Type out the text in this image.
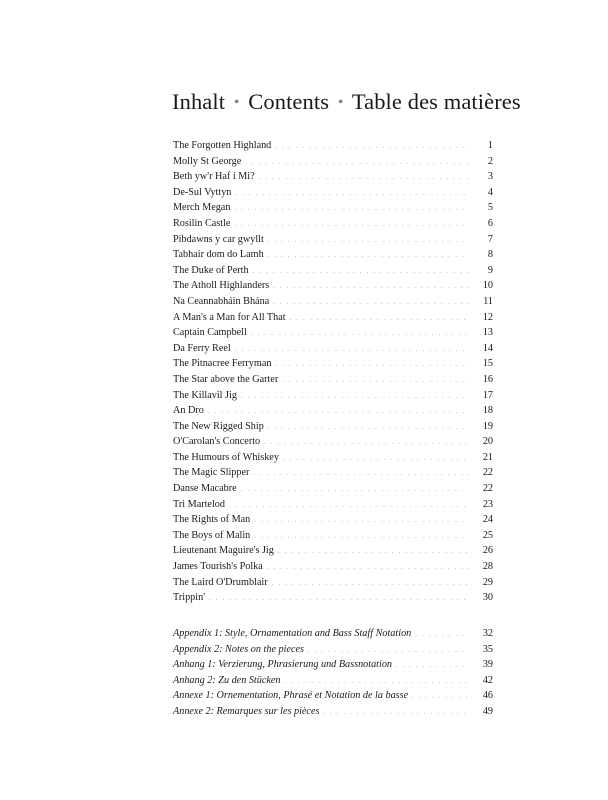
Inhalt • Contents • Table des matières
The Forgotten Highland . . .	1
Molly St George . . .	2
Beth yw'r Haf i Mi? . . .	3
De-Sul Vyttyn . . .	4
Merch Megan . . .	5
Rosilin Castle . . .	6
Pibdawns y car gwyllt . . .	7
Tabhair dom do Lamh . . .	8
The Duke of Perth . . .	9
The Atholl Highlanders . . .	10
Na Ceannabháin Bhána . . .	11
A Man's a Man for All That . . .	12
Captain Campbell . . .	13
Da Ferry Reel . . .	14
The Pitnacree Ferryman . . .	15
The Star above the Garter . . .	16
The Killavil Jig . . .	17
An Dro . . .	18
The New Rigged Ship . . .	19
O'Carolan's Concerto . . .	20
The Humours of Whiskey . . .	21
The Magic Slipper . . .	22
Danse Macabre . . .	22
Tri Martelod . . .	23
The Rights of Man . . .	24
The Boys of Malin . . .	25
Lieutenant Maguire's Jig . . .	26
James Tourish's Polka . . .	28
The Laird O'Drumblair . . .	29
Trippin' . . .	30
Appendix 1: Style, Ornamentation and Bass Staff Notation . . .	32
Appendix 2: Notes on the pieces . . .	35
Anhang 1: Verzierung, Phrasierung und Bassnotation . . .	39
Anhang 2: Zu den Stücken . . .	42
Annexe 1: Ornementation, Phrasé et Notation de la basse . . .	46
Annexe 2: Remarques sur les pièces . . .	49
